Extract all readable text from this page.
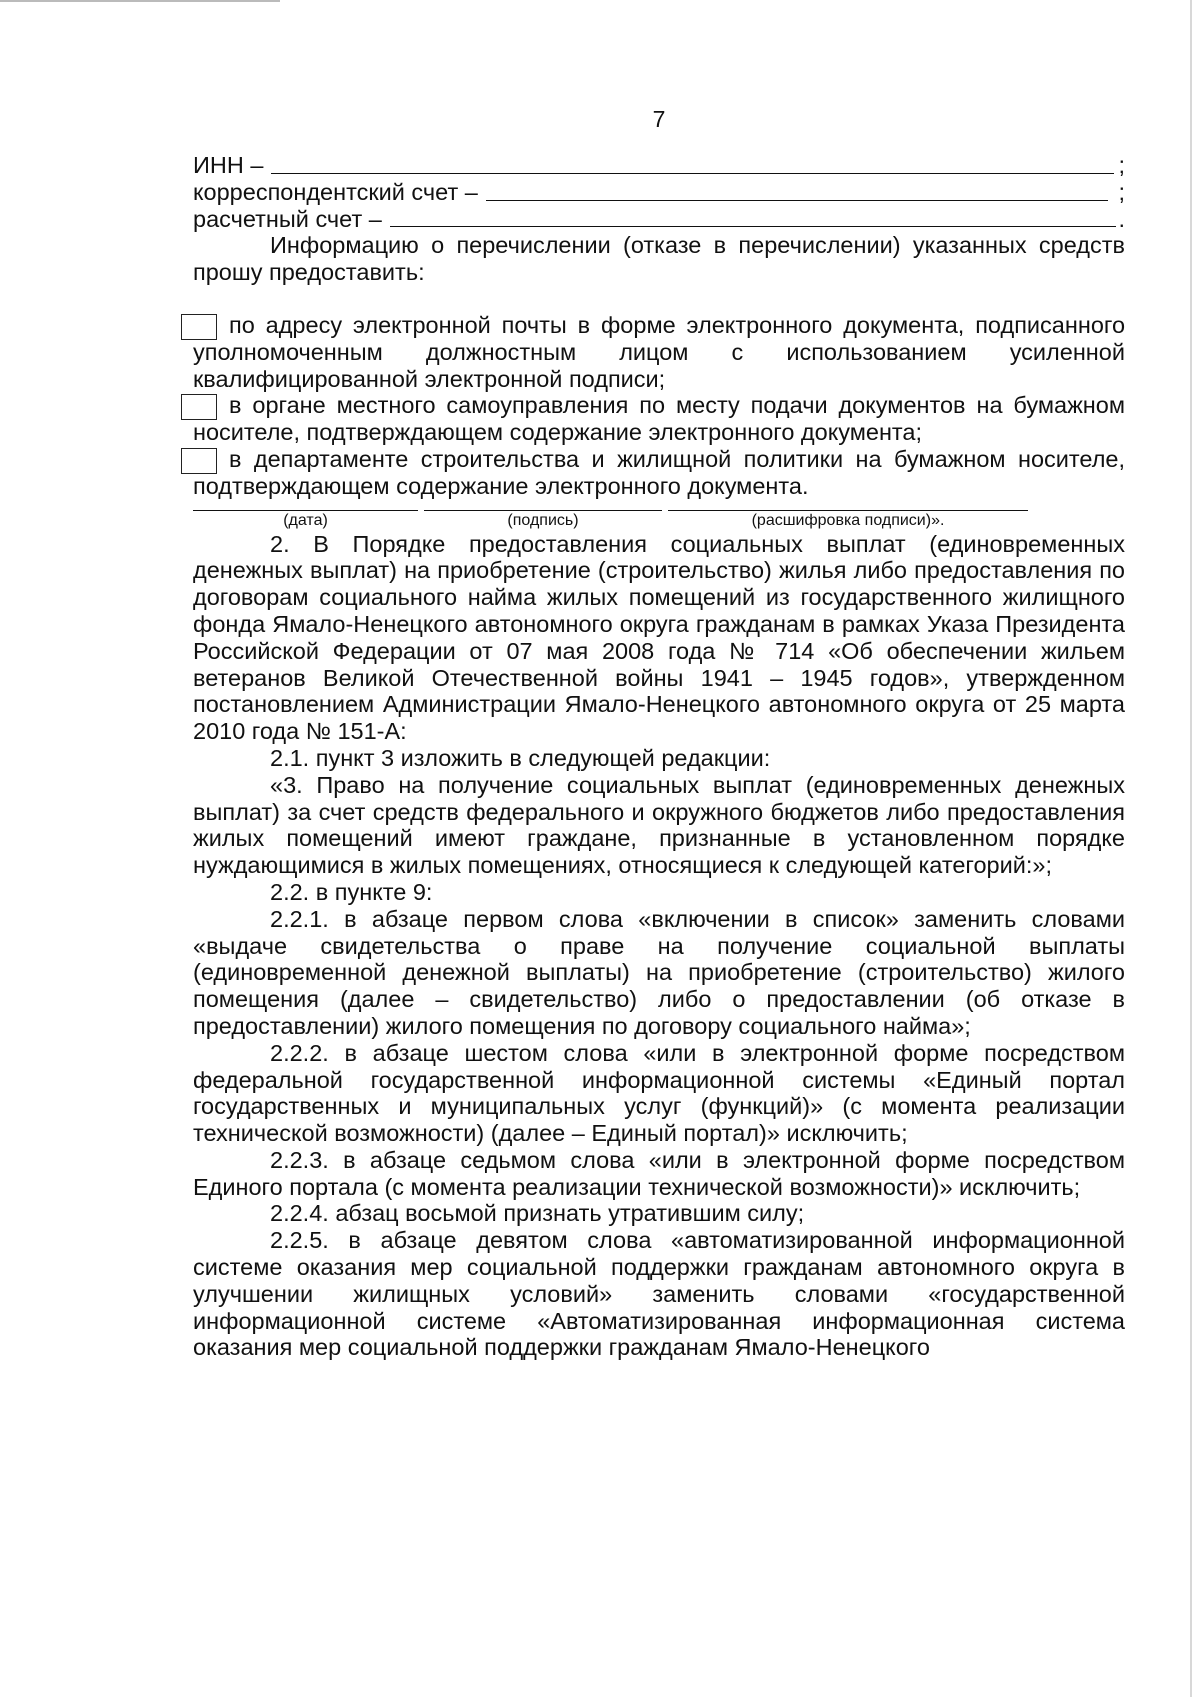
7
ИНН –	;
корреспондентский счет –	;
расчетный счет –	.

Информацию о перечислении (отказе в перечислении) указанных средств прошу предоставить:

по адресу электронной почты в форме электронного документа, подписанного уполномоченным должностным лицом с использованием усиленной квалифицированной электронной подписи;

в органе местного самоуправления по месту подачи документов на бумажном носителе, подтверждающем содержание электронного документа;

в департаменте строительства и жилищной политики на бумажном носителе, подтверждающем содержание электронного документа.

(дата)	(подпись)	(расшифровка подписи)».

2. В Порядке предоставления социальных выплат (единовременных денежных выплат) на приобретение (строительство) жилья либо предоставления по договорам социального найма жилых помещений из государственного жилищного фонда Ямало-Ненецкого автономного округа гражданам в рамках Указа Президента Российской Федерации от 07 мая 2008 года № 714 «Об обеспечении жильем ветеранов Великой Отечественной войны 1941 – 1945 годов», утвержденном постановлением Администрации Ямало-Ненецкого автономного округа от 25 марта 2010 года № 151-А:

2.1. пункт 3 изложить в следующей редакции:

«3. Право на получение социальных выплат (единовременных денежных выплат) за счет средств федерального и окружного бюджетов либо предоставления жилых помещений имеют граждане, признанные в установленном порядке нуждающимися в жилых помещениях, относящиеся к следующей категорий:»;

2.2. в пункте 9:

2.2.1. в абзаце первом слова «включении в список» заменить словами «выдаче свидетельства о праве на получение социальной выплаты (единовременной денежной выплаты) на приобретение (строительство) жилого помещения (далее – свидетельство) либо о предоставлении (об отказе в предоставлении) жилого помещения по договору социального найма»;

2.2.2. в абзаце шестом слова «или в электронной форме посредством федеральной государственной информационной системы «Единый портал государственных и муниципальных услуг (функций)» (с момента реализации технической возможности) (далее – Единый портал)» исключить;

2.2.3. в абзаце седьмом слова «или в электронной форме посредством Единого портала (с момента реализации технической возможности)» исключить;

2.2.4. абзац восьмой признать утратившим силу;

2.2.5. в абзаце девятом слова «автоматизированной информационной системе оказания мер социальной поддержки гражданам автономного округа в улучшении жилищных условий» заменить словами «государственной информационной системе «Автоматизированная информационная система оказания мер социальной поддержки гражданам Ямало-Ненецкого
